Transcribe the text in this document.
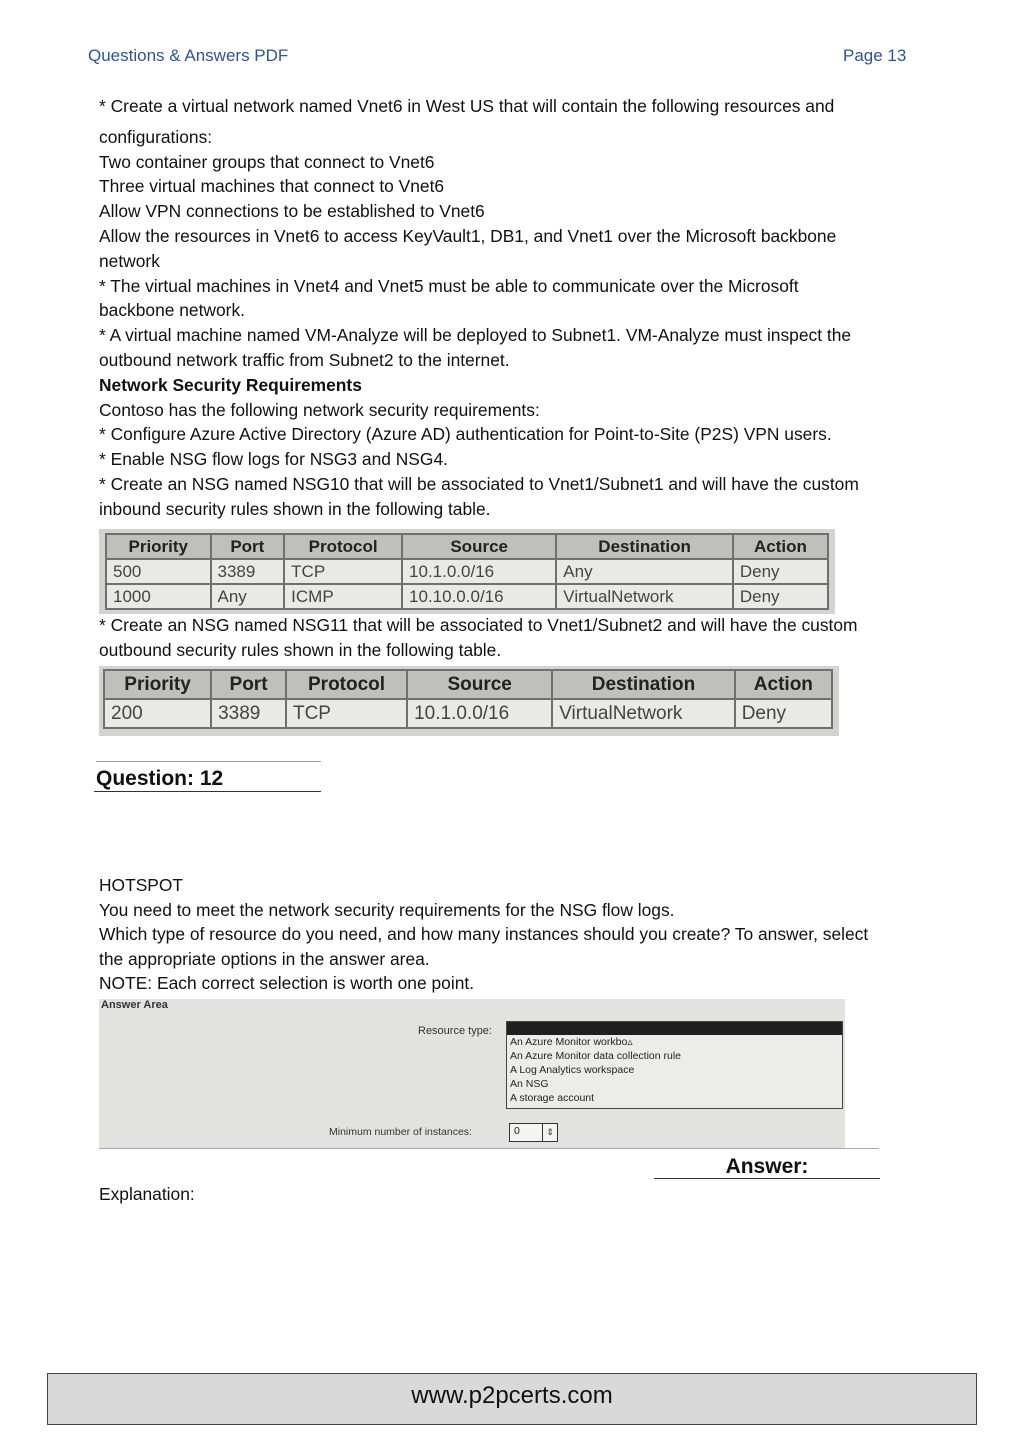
Questions & Answers PDF	Page 13
* Create a virtual network named Vnet6 in West US that will contain the following resources and
configurations:
Two container groups that connect to Vnet6
Three virtual machines that connect to Vnet6
Allow VPN connections to be established to Vnet6
Allow the resources in Vnet6 to access KeyVault1, DB1, and Vnet1 over the Microsoft backbone
network
* The virtual machines in Vnet4 and Vnet5 must be able to communicate over the Microsoft
backbone network.
* A virtual machine named VM-Analyze will be deployed to Subnet1. VM-Analyze must inspect the
outbound network traffic from Subnet2 to the internet.
Network Security Requirements
Contoso has the following network security requirements:
* Configure Azure Active Directory (Azure AD) authentication for Point-to-Site (P2S) VPN users.
* Enable NSG flow logs for NSG3 and NSG4.
* Create an NSG named NSG10 that will be associated to Vnet1/Subnet1 and will have the custom
inbound security rules shown in the following table.
Priority	Port	Protocol	Source	Destination	Action
500	3389	TCP	10.1.0.0/16	Any	Deny
1000	Any	ICMP	10.10.0.0/16	VirtualNetwork	Deny
* Create an NSG named NSG11 that will be associated to Vnet1/Subnet2 and will have the custom
outbound security rules shown in the following table.
Priority	Port	Protocol	Source	Destination	Action
200	3389	TCP	10.1.0.0/16	VirtualNetwork	Deny
Question: 12
HOTSPOT
You need to meet the network security requirements for the NSG flow logs.
Which type of resource do you need, and how many instances should you create? To answer, select
the appropriate options in the answer area.
NOTE: Each correct selection is worth one point.
Answer Area
Resource type:
An Azure Monitor workbo▵
An Azure Monitor data collection rule
A Log Analytics workspace
An NSG
A storage account
Minimum number of instances:	0	⇕
Answer:
Explanation:
www.p2pcerts.com
